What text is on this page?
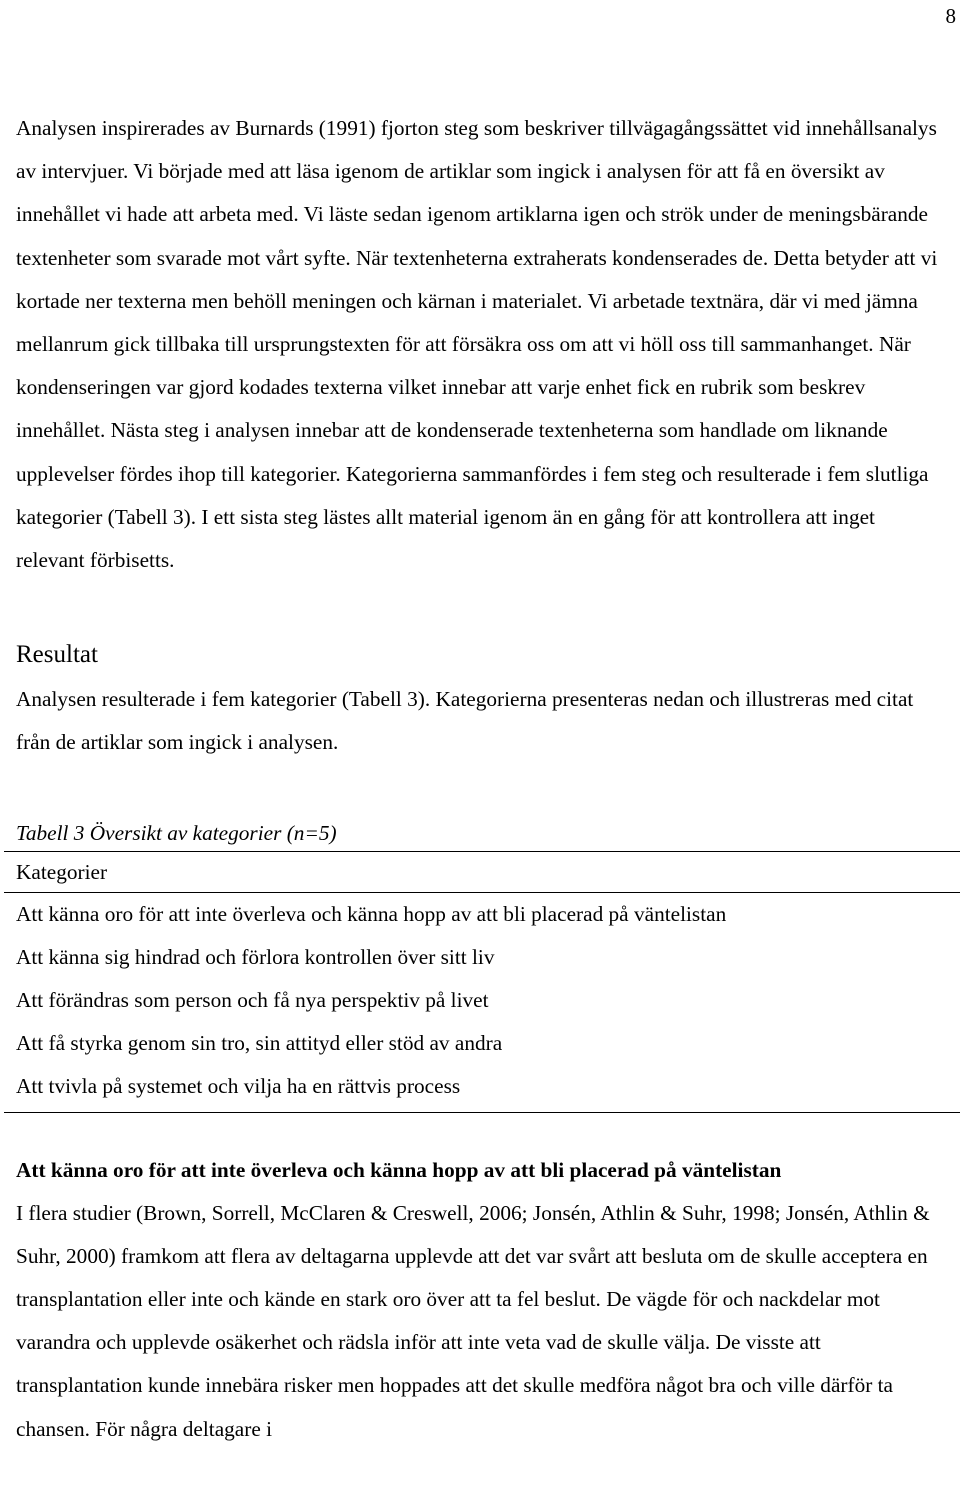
8

Analysen inspirerades av Burnards (1991) fjorton steg som beskriver tillvägagångssättet vid innehållsanalys av intervjuer. Vi började med att läsa igenom de artiklar som ingick i analysen för att få en översikt av innehållet vi hade att arbeta med. Vi läste sedan igenom artiklarna igen och strök under de meningsbärande textenheter som svarade mot vårt syfte. När textenheterna extraherats kondenserades de. Detta betyder att vi kortade ner texterna men behöll meningen och kärnan i materialet. Vi arbetade textnära, där vi med jämna mellanrum gick tillbaka till ursprungstexten för att försäkra oss om att vi höll oss till sammanhanget. När kondenseringen var gjord kodades texterna vilket innebar att varje enhet fick en rubrik som beskrev innehållet. Nästa steg i analysen innebar att de kondenserade textenheterna som handlade om liknande upplevelser fördes ihop till kategorier. Kategorierna sammanfördes i fem steg och resulterade i fem slutliga kategorier (Tabell 3). I ett sista steg lästes allt material igenom än en gång för att kontrollera att inget relevant förbisetts.

Resultat

Analysen resulterade i fem kategorier (Tabell 3). Kategorierna presenteras nedan och illustreras med citat från de artiklar som ingick i analysen.

Tabell 3 Översikt av kategorier (n=5)
Kategorier
Att känna oro för att inte överleva och känna hopp av att bli placerad på väntelistan
Att känna sig hindrad och förlora kontrollen över sitt liv
Att förändras som person och få nya perspektiv på livet
Att få styrka genom sin tro, sin attityd eller stöd av andra
Att tvivla på systemet och vilja ha en rättvis process
Att känna oro för att inte överleva och känna hopp av att bli placerad på väntelistan

I flera studier (Brown, Sorrell, McClaren & Creswell, 2006; Jonsén, Athlin & Suhr, 1998; Jonsén, Athlin & Suhr, 2000) framkom att flera av deltagarna upplevde att det var svårt att besluta om de skulle acceptera en transplantation eller inte och kände en stark oro över att ta fel beslut. De vägde för och nackdelar mot varandra och upplevde osäkerhet och rädsla inför att inte veta vad de skulle välja. De visste att transplantation kunde innebära risker men hoppades att det skulle medföra något bra och ville därför ta chansen. För några deltagare i
